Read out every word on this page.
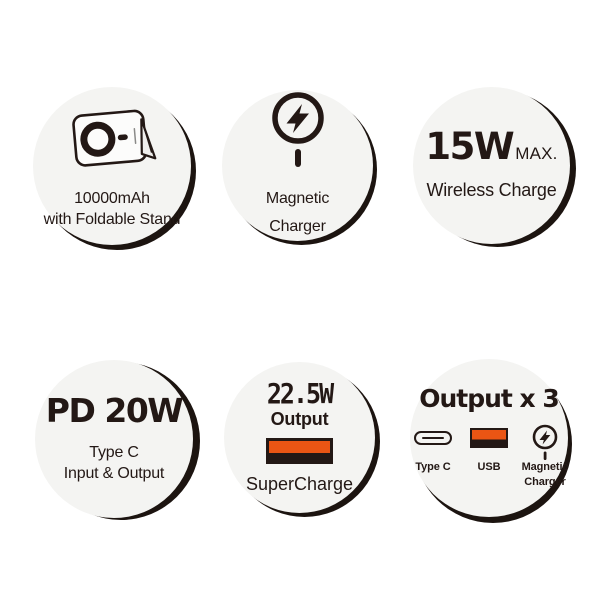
10000mAh
with Foldable Stand
Magnetic
Charger
15W MAX.
Wireless Charge
PD 20W
Type C
Input & Output
22.5W
Output
SuperCharge
Output x 3
Type C USB	Magnetic Charger
